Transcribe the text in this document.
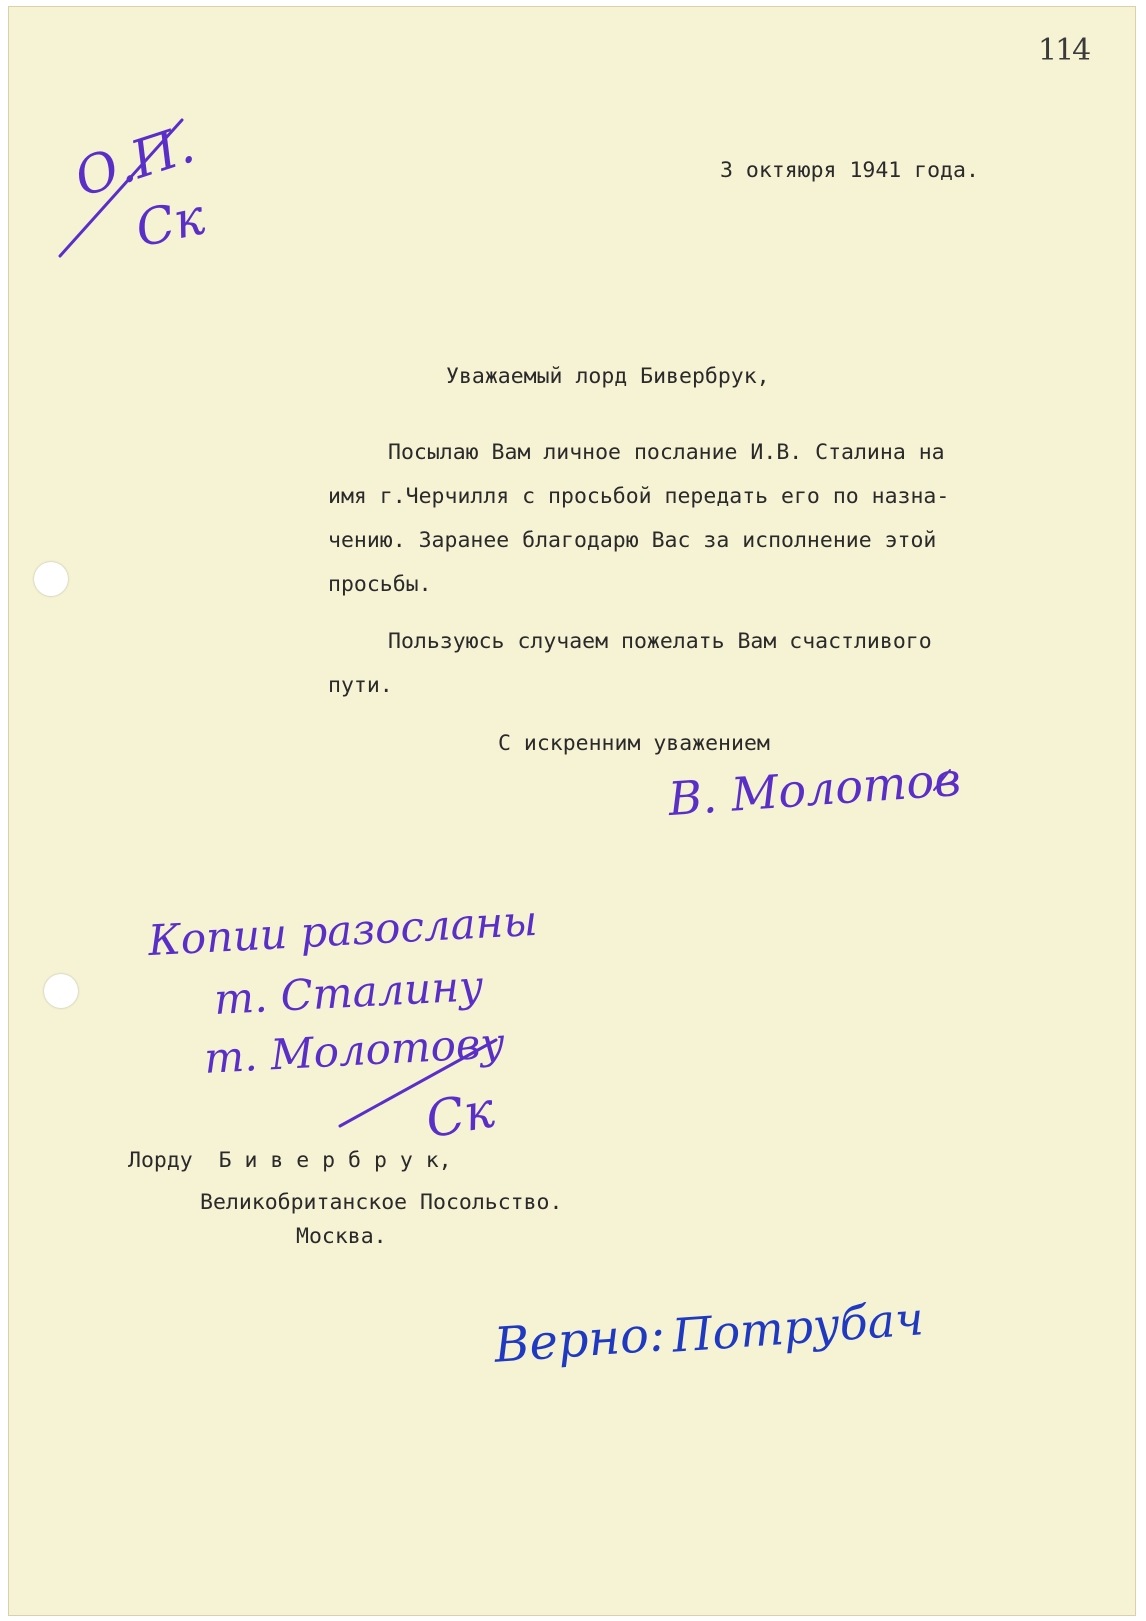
114
О.П.
Ск
3 октяюря 1941 года.
Уважаемый лорд Бивербрук,
Посылаю Вам личное послание И.В. Сталина на
имя г.Черчилля с просьбой передать его по назна-
чению. Заранее благодарю Вас за исполнение этой
просьбы.
Пользуюсь случаем пожелать Вам счастливого
пути.
С искренним уважением
В. Молотов
Копии разосланы
т. Сталину
т. Молотову
Ск
Лорду  Б и в е р б р у к,
Великобританское Посольство.
Москва.
Верно: Потрубач
